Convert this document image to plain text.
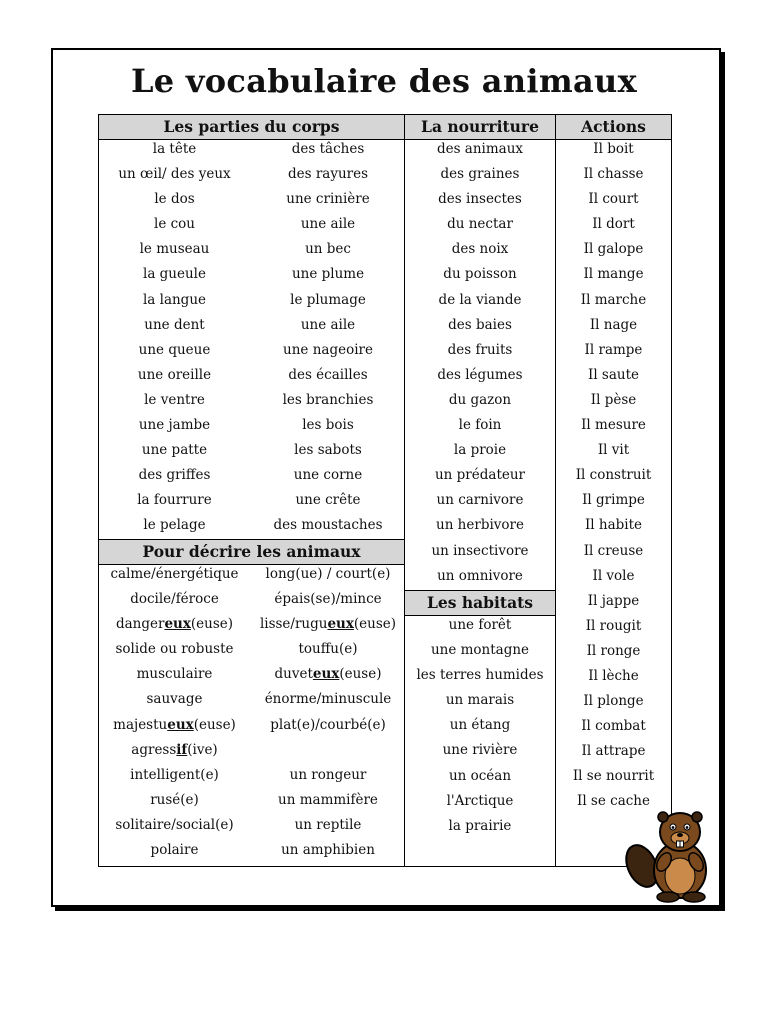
Le vocabulaire des animaux
Les parties du corps
la tête
un œil/ des yeux
le dos
le cou
le museau
la gueule
la langue
une dent
une queue
une oreille
le ventre
une jambe
une patte
des griffes
la fourrure
le pelage
des tâches
des rayures
une crinière
une aile
un bec
une plume
le plumage
une aile
une nageoire
des écailles
les branchies
les bois
les sabots
une corne
une crête
des moustaches
Pour décrire les animaux
calme/énergétique
docile/féroce
dangereux(euse)
solide ou robuste
musculaire
sauvage
majestueux(euse)
agressif(ive)
intelligent(e)
rusé(e)
solitaire/social(e)
polaire
long(ue) / court(e)
épais(se)/mince
lisse/rugueux(euse)
touffu(e)
duveteux(euse)
énorme/minuscule
plat(e)/courbé(e)
un rongeur
un mammifère
un reptile
un amphibien
La nourriture
des animaux
des graines
des insectes
du nectar
des noix
du poisson
de la viande
des baies
des fruits
des légumes
du gazon
le foin
la proie
un prédateur
un carnivore
un herbivore
un insectivore
un omnivore
Les habitats
une forêt
une montagne
les terres humides
un marais
un étang
une rivière
un océan
l'Arctique
la prairie
Actions
Il boit
Il chasse
Il court
Il dort
Il galope
Il mange
Il marche
Il nage
Il rampe
Il saute
Il pèse
Il mesure
Il vit
Il construit
Il grimpe
Il habite
Il creuse
Il vole
Il jappe
Il rougit
Il ronge
Il lèche
Il plonge
Il combat
Il attrape
Il se nourrit
Il se cache
